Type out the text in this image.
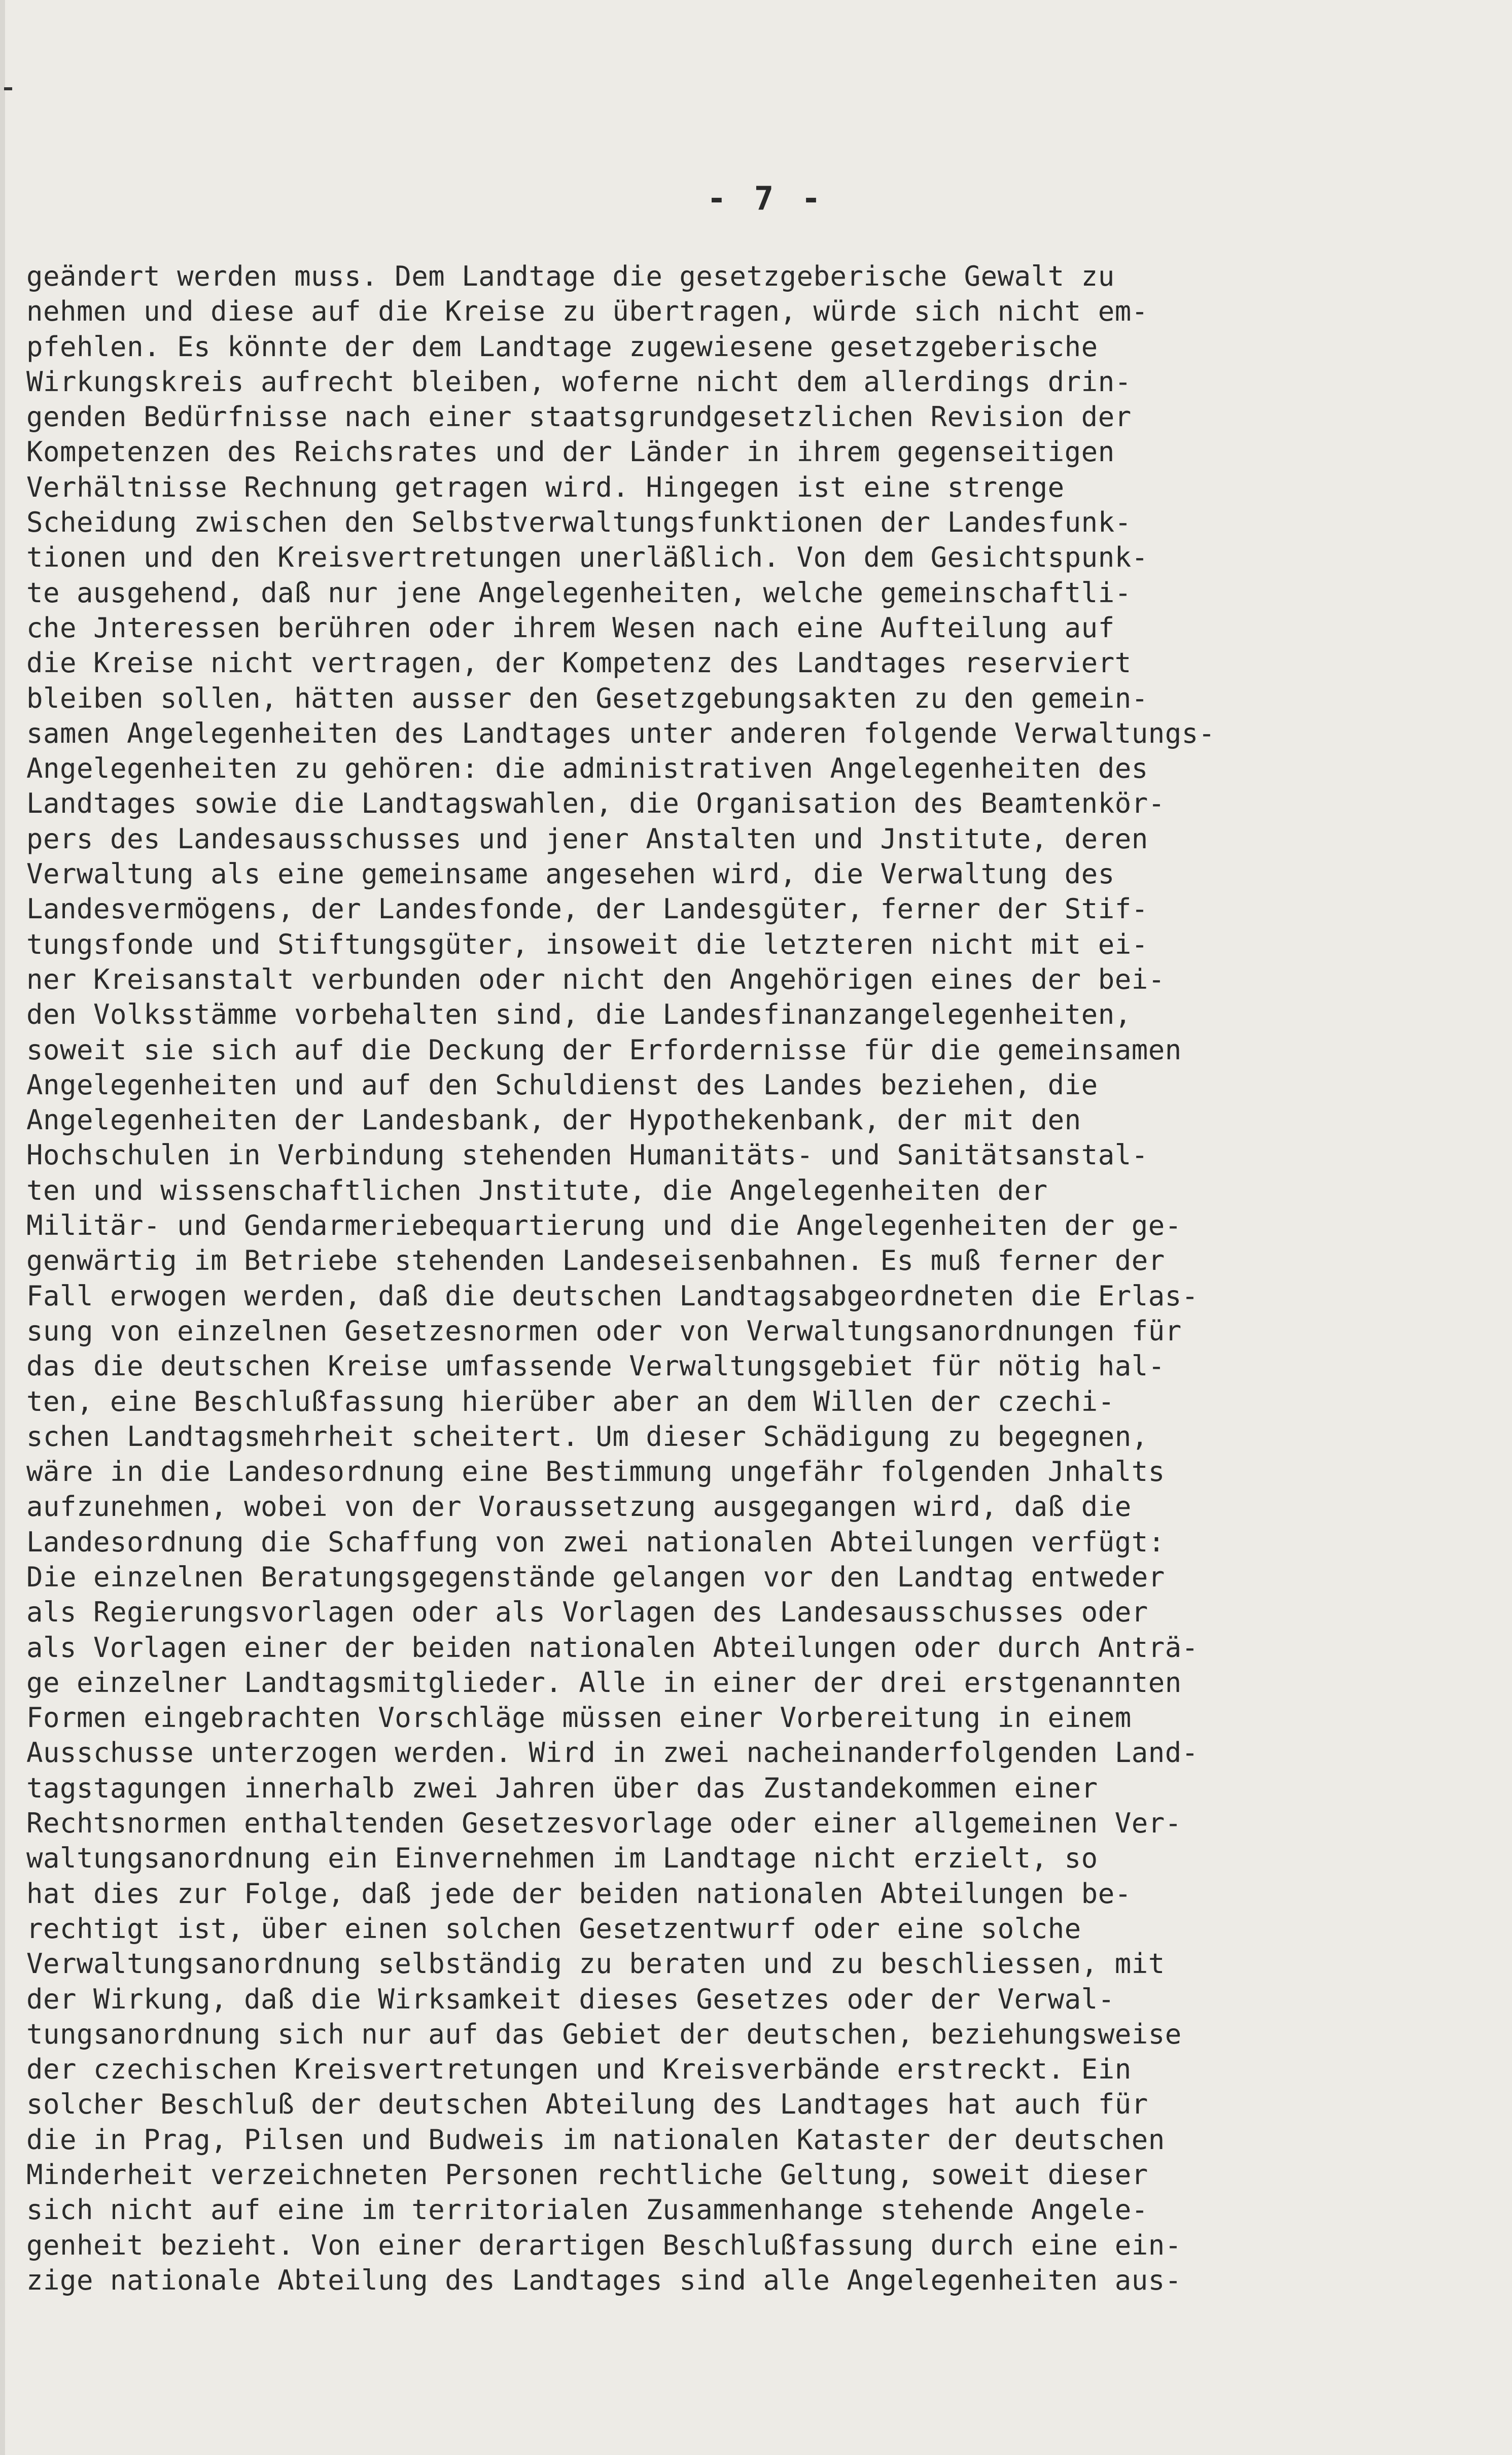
- 7 -
geändert werden muss. Dem Landtage die gesetzgeberische Gewalt zu
nehmen und diese auf die Kreise zu übertragen, würde sich nicht em-
pfehlen. Es könnte der dem Landtage zugewiesene gesetzgeberische
Wirkungskreis aufrecht bleiben, woferne nicht dem allerdings drin-
genden Bedürfnisse nach einer staatsgrundgesetzlichen Revision der
Kompetenzen des Reichsrates und der Länder in ihrem gegenseitigen
Verhältnisse Rechnung getragen wird. Hingegen ist eine strenge
Scheidung zwischen den Selbstverwaltungsfunktionen der Landesfunk-
tionen und den Kreisvertretungen unerläßlich. Von dem Gesichtspunk-
te ausgehend, daß nur jene Angelegenheiten, welche gemeinschaftli-
che Jnteressen berühren oder ihrem Wesen nach eine Aufteilung auf
die Kreise nicht vertragen, der Kompetenz des Landtages reserviert
bleiben sollen, hätten ausser den Gesetzgebungsakten zu den gemein-
samen Angelegenheiten des Landtages unter anderen folgende Verwaltungs-
Angelegenheiten zu gehören: die administrativen Angelegenheiten des
Landtages sowie die Landtagswahlen, die Organisation des Beamtenkör-
pers des Landesausschusses und jener Anstalten und Jnstitute, deren
Verwaltung als eine gemeinsame angesehen wird, die Verwaltung des
Landesvermögens, der Landesfonde, der Landesgüter, ferner der Stif-
tungsfonde und Stiftungsgüter, insoweit die letzteren nicht mit ei-
ner Kreisanstalt verbunden oder nicht den Angehörigen eines der bei-
den Volksstämme vorbehalten sind, die Landesfinanzangelegenheiten,
soweit sie sich auf die Deckung der Erfordernisse für die gemeinsamen
Angelegenheiten und auf den Schuldienst des Landes beziehen, die
Angelegenheiten der Landesbank, der Hypothekenbank, der mit den
Hochschulen in Verbindung stehenden Humanitäts- und Sanitätsanstal-
ten und wissenschaftlichen Jnstitute, die Angelegenheiten der
Militär- und Gendarmeriebequartierung und die Angelegenheiten der ge-
genwärtig im Betriebe stehenden Landeseisenbahnen. Es muß ferner der
Fall erwogen werden, daß die deutschen Landtagsabgeordneten die Erlas-
sung von einzelnen Gesetzesnormen oder von Verwaltungsanordnungen für
das die deutschen Kreise umfassende Verwaltungsgebiet für nötig hal-
ten, eine Beschlußfassung hierüber aber an dem Willen der czechi-
schen Landtagsmehrheit scheitert. Um dieser Schädigung zu begegnen,
wäre in die Landesordnung eine Bestimmung ungefähr folgenden Jnhalts
aufzunehmen, wobei von der Voraussetzung ausgegangen wird, daß die
Landesordnung die Schaffung von zwei nationalen Abteilungen verfügt:
Die einzelnen Beratungsgegenstände gelangen vor den Landtag entweder
als Regierungsvorlagen oder als Vorlagen des Landesausschusses oder
als Vorlagen einer der beiden nationalen Abteilungen oder durch Anträ-
ge einzelner Landtagsmitglieder. Alle in einer der drei erstgenannten
Formen eingebrachten Vorschläge müssen einer Vorbereitung in einem
Ausschusse unterzogen werden. Wird in zwei nacheinanderfolgenden Land-
tagstagungen innerhalb zwei Jahren über das Zustandekommen einer
Rechtsnormen enthaltenden Gesetzesvorlage oder einer allgemeinen Ver-
waltungsanordnung ein Einvernehmen im Landtage nicht erzielt, so
hat dies zur Folge, daß jede der beiden nationalen Abteilungen be-
rechtigt ist, über einen solchen Gesetzentwurf oder eine solche
Verwaltungsanordnung selbständig zu beraten und zu beschliessen, mit
der Wirkung, daß die Wirksamkeit dieses Gesetzes oder der Verwal-
tungsanordnung sich nur auf das Gebiet der deutschen, beziehungsweise
der czechischen Kreisvertretungen und Kreisverbände erstreckt. Ein
solcher Beschluß der deutschen Abteilung des Landtages hat auch für
die in Prag, Pilsen und Budweis im nationalen Kataster der deutschen
Minderheit verzeichneten Personen rechtliche Geltung, soweit dieser
sich nicht auf eine im territorialen Zusammenhange stehende Angele-
genheit bezieht. Von einer derartigen Beschlußfassung durch eine ein-
zige nationale Abteilung des Landtages sind alle Angelegenheiten aus-
